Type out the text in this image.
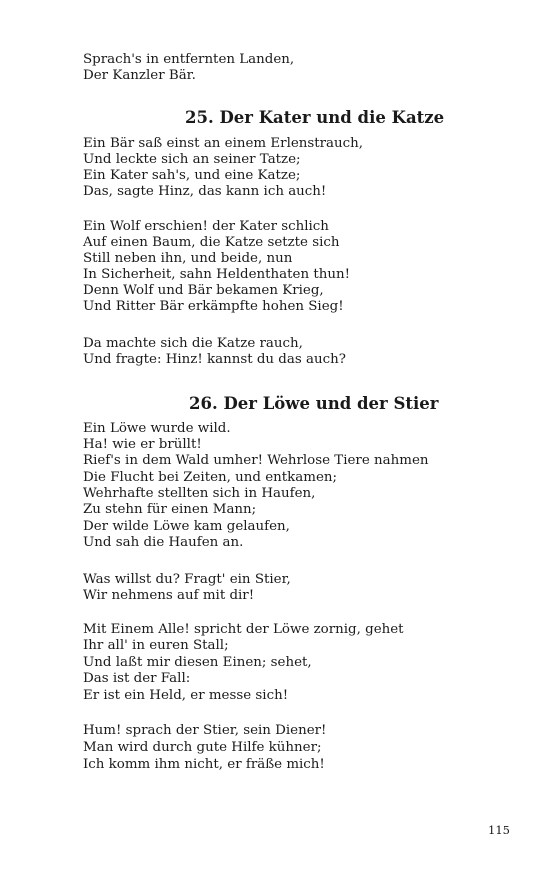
Sprach's in entfernten Landen,
Der Kanzler Bär.
25. Der Kater und die Katze
Ein Bär saß einst an einem Erlenstrauch,
Und leckte sich an seiner Tatze;
Ein Kater sah's, und eine Katze;
Das, sagte Hinz, das kann ich auch!
Ein Wolf erschien! der Kater schlich
Auf einen Baum, die Katze setzte sich
Still neben ihn, und beide, nun
In Sicherheit, sahn Heldenthaten thun!
Denn Wolf und Bär bekamen Krieg,
Und Ritter Bär erkämpfte hohen Sieg!
Da machte sich die Katze rauch,
Und fragte: Hinz! kannst du das auch?
26. Der Löwe und der Stier
Ein Löwe wurde wild.
Ha! wie er brüllt!
Rief's in dem Wald umher! Wehrlose Tiere nahmen
Die Flucht bei Zeiten, und entkamen;
Wehrhafte stellten sich in Haufen,
Zu stehn für einen Mann;
Der wilde Löwe kam gelaufen,
Und sah die Haufen an.
Was willst du? Fragt' ein Stier,
Wir nehmens auf mit dir!
Mit Einem Alle! spricht der Löwe zornig, gehet
Ihr all' in euren Stall;
Und laßt mir diesen Einen; sehet,
Das ist der Fall:
Er ist ein Held, er messe sich!
Hum! sprach der Stier, sein Diener!
Man wird durch gute Hilfe kühner;
Ich komm ihm nicht, er fräße mich!
115
